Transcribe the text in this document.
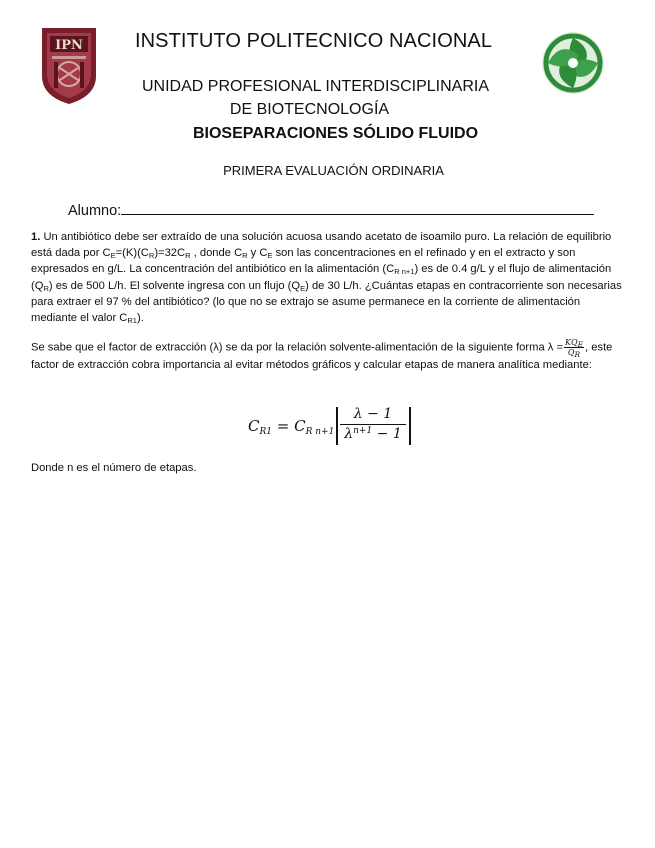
IPN	INSTITUTO POLITECNICO NACIONAL
UNIDAD PROFESIONAL INTERDISCIPLINARIA
DE BIOTECNOLOGÍA
BIOSEPARACIONES SÓLIDO FLUIDO
PRIMERA EVALUACIÓN ORDINARIA
Alumno:
1. Un antibiótico debe ser extraído de una solución acuosa usando acetato de isoamilo puro. La relación de equilibrio está dada por $C_E=(K)(C_R)=32C_R$ , donde $C_R$ y $C_E$ son las concentraciones en el refinado y en el extracto y son expresados en g/L. La concentración del antibiótico en la alimentación $(C_{R n+1})$ es de 0.4 g/L y el flujo de alimentación $(Q_R)$ es de 500 L/h. El solvente ingresa con un flujo $(Q_E)$ de 30 L/h. ¿Cuántas etapas en contracorriente son necesarias para extraer el 97 % del antibiótico? (lo que no se extrajo se asume permanece en la corriente de alimentación mediante el valor $C_{R1}$).
Se sabe que el factor de extracción (λ) se da por la relación solvente-alimentación de la siguiente forma $\lambda = \frac{KQ_E}{Q_R}$ , este factor de extracción cobra importancia al evitar métodos gráficos y calcular etapas de manera analítica mediante:
$C_{R1} = C_{R n+1} \frac{\lambda - 1}{\lambda^{n+1} - 1}$
Donde n es el número de etapas.
